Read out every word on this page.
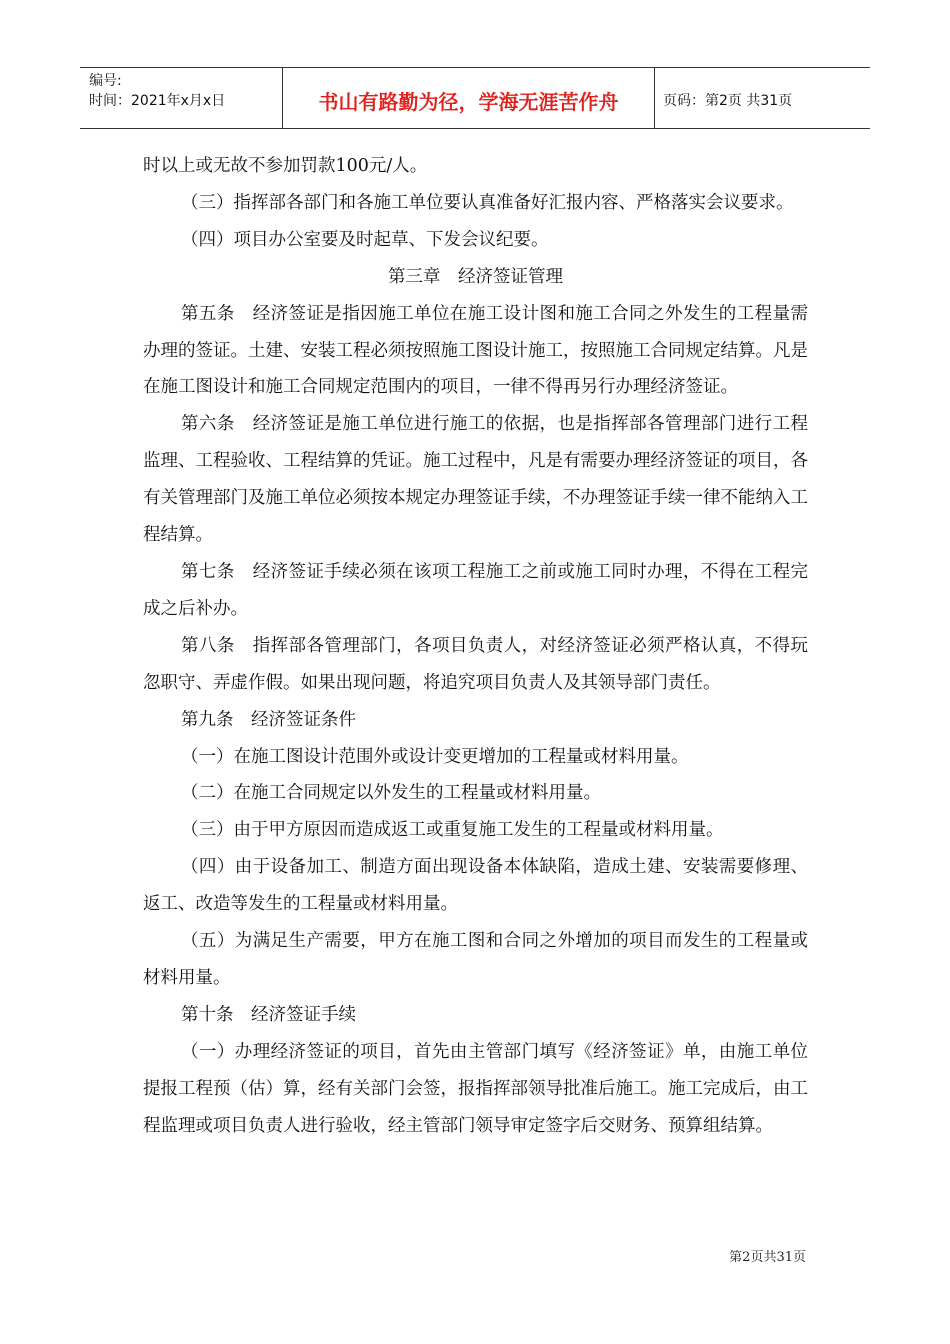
编号:
时间：2021年x月x日	书山有路勤为径，学海无涯苦作舟	页码：第2页 共31页

时以上或无故不参加罚款100元/人。

（三）指挥部各部门和各施工单位要认真准备好汇报内容、严格落实会议要求。

（四）项目办公室要及时起草、下发会议纪要。

第三章　经济签证管理

第五条　经济签证是指因施工单位在施工设计图和施工合同之外发生的工程量需办理的签证。土建、安装工程必须按照施工图设计施工，按照施工合同规定结算。凡是在施工图设计和施工合同规定范围内的项目，一律不得再另行办理经济签证。

第六条　经济签证是施工单位进行施工的依据，也是指挥部各管理部门进行工程监理、工程验收、工程结算的凭证。施工过程中，凡是有需要办理经济签证的项目，各有关管理部门及施工单位必须按本规定办理签证手续，不办理签证手续一律不能纳入工程结算。

第七条　经济签证手续必须在该项工程施工之前或施工同时办理，不得在工程完成之后补办。

第八条　指挥部各管理部门，各项目负责人，对经济签证必须严格认真，不得玩忽职守、弄虚作假。如果出现问题，将追究项目负责人及其领导部门责任。

第九条　经济签证条件

（一）在施工图设计范围外或设计变更增加的工程量或材料用量。

（二）在施工合同规定以外发生的工程量或材料用量。

（三）由于甲方原因而造成返工或重复施工发生的工程量或材料用量。

（四）由于设备加工、制造方面出现设备本体缺陷，造成土建、安装需要修理、返工、改造等发生的工程量或材料用量。

（五）为满足生产需要，甲方在施工图和合同之外增加的项目而发生的工程量或材料用量。

第十条　经济签证手续

（一）办理经济签证的项目，首先由主管部门填写《经济签证》单，由施工单位提报工程预（估）算，经有关部门会签，报指挥部领导批准后施工。施工完成后，由工程监理或项目负责人进行验收，经主管部门领导审定签字后交财务、预算组结算。

第2页共31页
